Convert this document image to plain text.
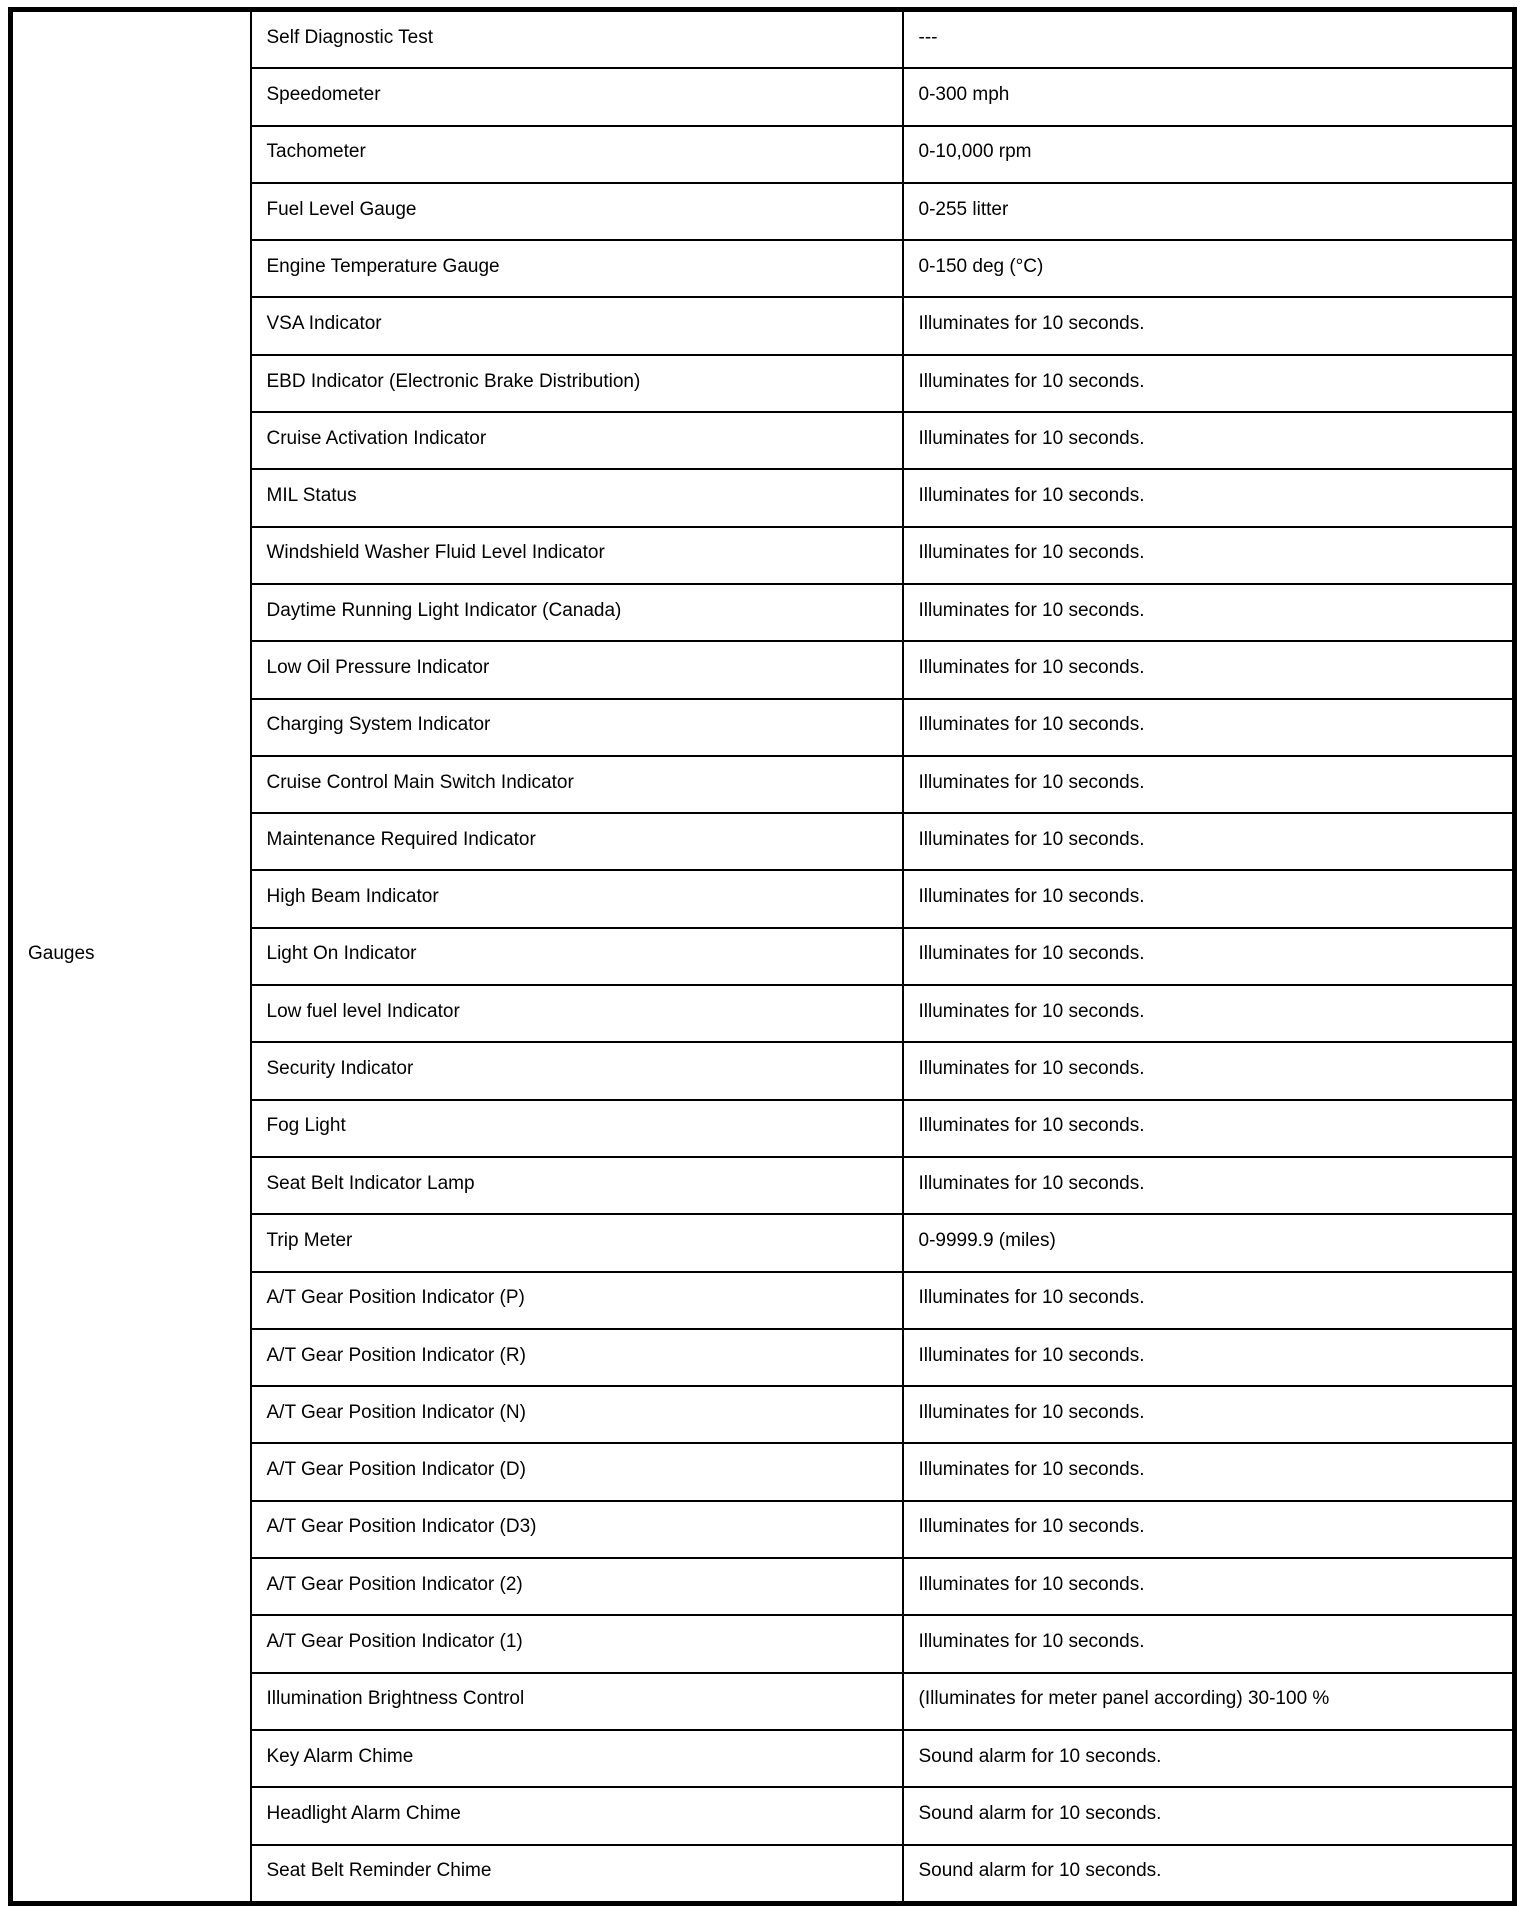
Gauges	Self Diagnostic Test	---
	Speedometer	0-300 mph
	Tachometer	0-10,000 rpm
	Fuel Level Gauge	0-255 litter
	Engine Temperature Gauge	0-150 deg (°C)
	VSA Indicator	Illuminates for 10 seconds.
	EBD Indicator (Electronic Brake Distribution)	Illuminates for 10 seconds.
	Cruise Activation Indicator	Illuminates for 10 seconds.
	MIL Status	Illuminates for 10 seconds.
	Windshield Washer Fluid Level Indicator	Illuminates for 10 seconds.
	Daytime Running Light Indicator (Canada)	Illuminates for 10 seconds.
	Low Oil Pressure Indicator	Illuminates for 10 seconds.
	Charging System Indicator	Illuminates for 10 seconds.
	Cruise Control Main Switch Indicator	Illuminates for 10 seconds.
	Maintenance Required Indicator	Illuminates for 10 seconds.
	High Beam Indicator	Illuminates for 10 seconds.
	Light On Indicator	Illuminates for 10 seconds.
	Low fuel level Indicator	Illuminates for 10 seconds.
	Security Indicator	Illuminates for 10 seconds.
	Fog Light	Illuminates for 10 seconds.
	Seat Belt Indicator Lamp	Illuminates for 10 seconds.
	Trip Meter	0-9999.9 (miles)
	A/T Gear Position Indicator (P)	Illuminates for 10 seconds.
	A/T Gear Position Indicator (R)	Illuminates for 10 seconds.
	A/T Gear Position Indicator (N)	Illuminates for 10 seconds.
	A/T Gear Position Indicator (D)	Illuminates for 10 seconds.
	A/T Gear Position Indicator (D3)	Illuminates for 10 seconds.
	A/T Gear Position Indicator (2)	Illuminates for 10 seconds.
	A/T Gear Position Indicator (1)	Illuminates for 10 seconds.
	Illumination Brightness Control	(Illuminates for meter panel according) 30-100 %
	Key Alarm Chime	Sound alarm for 10 seconds.
	Headlight Alarm Chime	Sound alarm for 10 seconds.
	Seat Belt Reminder Chime	Sound alarm for 10 seconds.
